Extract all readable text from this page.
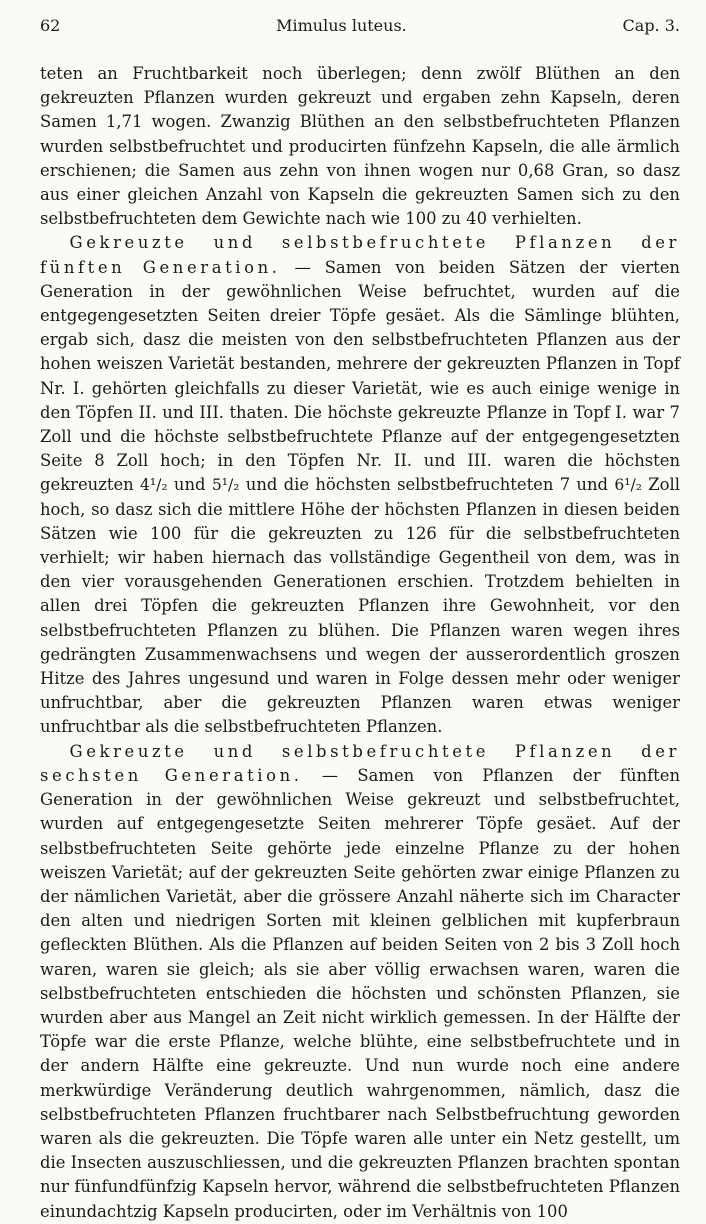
62	Mimulus luteus.	Cap. 3.

teten an Fruchtbarkeit noch überlegen; denn zwölf Blüthen an den gekreuzten Pflanzen wurden gekreuzt und ergaben zehn Kapseln, deren Samen 1,71 wogen. Zwanzig Blüthen an den selbstbefruchteten Pflanzen wurden selbstbefruchtet und producirten fünfzehn Kapseln, die alle ärmlich erschienen; die Samen aus zehn von ihnen wogen nur 0,68 Gran, so dasz aus einer gleichen Anzahl von Kapseln die gekreuzten Samen sich zu den selbstbefruchteten dem Gewichte nach wie 100 zu 40 verhielten.

Gekreuzte und selbstbefruchtete Pflanzen der fünften Generation. — Samen von beiden Sätzen der vierten Generation in der gewöhnlichen Weise befruchtet, wurden auf die entgegengesetzten Seiten dreier Töpfe gesäet. Als die Sämlinge blühten, ergab sich, dasz die meisten von den selbstbefruchteten Pflanzen aus der hohen weiszen Varietät bestanden, mehrere der gekreuzten Pflanzen in Topf Nr. I. gehörten gleichfalls zu dieser Varietät, wie es auch einige wenige in den Töpfen II. und III. thaten. Die höchste gekreuzte Pflanze in Topf I. war 7 Zoll und die höchste selbstbefruchtete Pflanze auf der entgegengesetzten Seite 8 Zoll hoch; in den Töpfen Nr. II. und III. waren die höchsten gekreuzten 4¹/₂ und 5¹/₂ und die höchsten selbstbefruchteten 7 und 6¹/₂ Zoll hoch, so dasz sich die mittlere Höhe der höchsten Pflanzen in diesen beiden Sätzen wie 100 für die gekreuzten zu 126 für die selbstbefruchteten verhielt; wir haben hiernach das vollständige Gegentheil von dem, was in den vier vorausgehenden Generationen erschien. Trotzdem behielten in allen drei Töpfen die gekreuzten Pflanzen ihre Gewohnheit, vor den selbstbefruchteten Pflanzen zu blühen. Die Pflanzen waren wegen ihres gedrängten Zusammenwachsens und wegen der ausserordentlich groszen Hitze des Jahres ungesund und waren in Folge dessen mehr oder weniger unfruchtbar, aber die gekreuzten Pflanzen waren etwas weniger unfruchtbar als die selbstbefruchteten Pflanzen.

Gekreuzte und selbstbefruchtete Pflanzen der sechsten Generation. — Samen von Pflanzen der fünften Generation in der gewöhnlichen Weise gekreuzt und selbstbefruchtet, wurden auf entgegengesetzte Seiten mehrerer Töpfe gesäet. Auf der selbstbefruchteten Seite gehörte jede einzelne Pflanze zu der hohen weiszen Varietät; auf der gekreuzten Seite gehörten zwar einige Pflanzen zu der nämlichen Varietät, aber die grössere Anzahl näherte sich im Character den alten und niedrigen Sorten mit kleinen gelblichen mit kupferbraun gefleckten Blüthen. Als die Pflanzen auf beiden Seiten von 2 bis 3 Zoll hoch waren, waren sie gleich; als sie aber völlig erwachsen waren, waren die selbstbefruchteten entschieden die höchsten und schönsten Pflanzen, sie wurden aber aus Mangel an Zeit nicht wirklich gemessen. In der Hälfte der Töpfe war die erste Pflanze, welche blühte, eine selbstbefruchtete und in der andern Hälfte eine gekreuzte. Und nun wurde noch eine andere merkwürdige Veränderung deutlich wahrgenommen, nämlich, dasz die selbstbefruchteten Pflanzen fruchtbarer nach Selbstbefruchtung geworden waren als die gekreuzten. Die Töpfe waren alle unter ein Netz gestellt, um die Insecten auszuschliessen, und die gekreuzten Pflanzen brachten spontan nur fünfundfünfzig Kapseln hervor, während die selbstbefruchteten Pflanzen einundachtzig Kapseln producirten, oder im Verhältnis von 100
